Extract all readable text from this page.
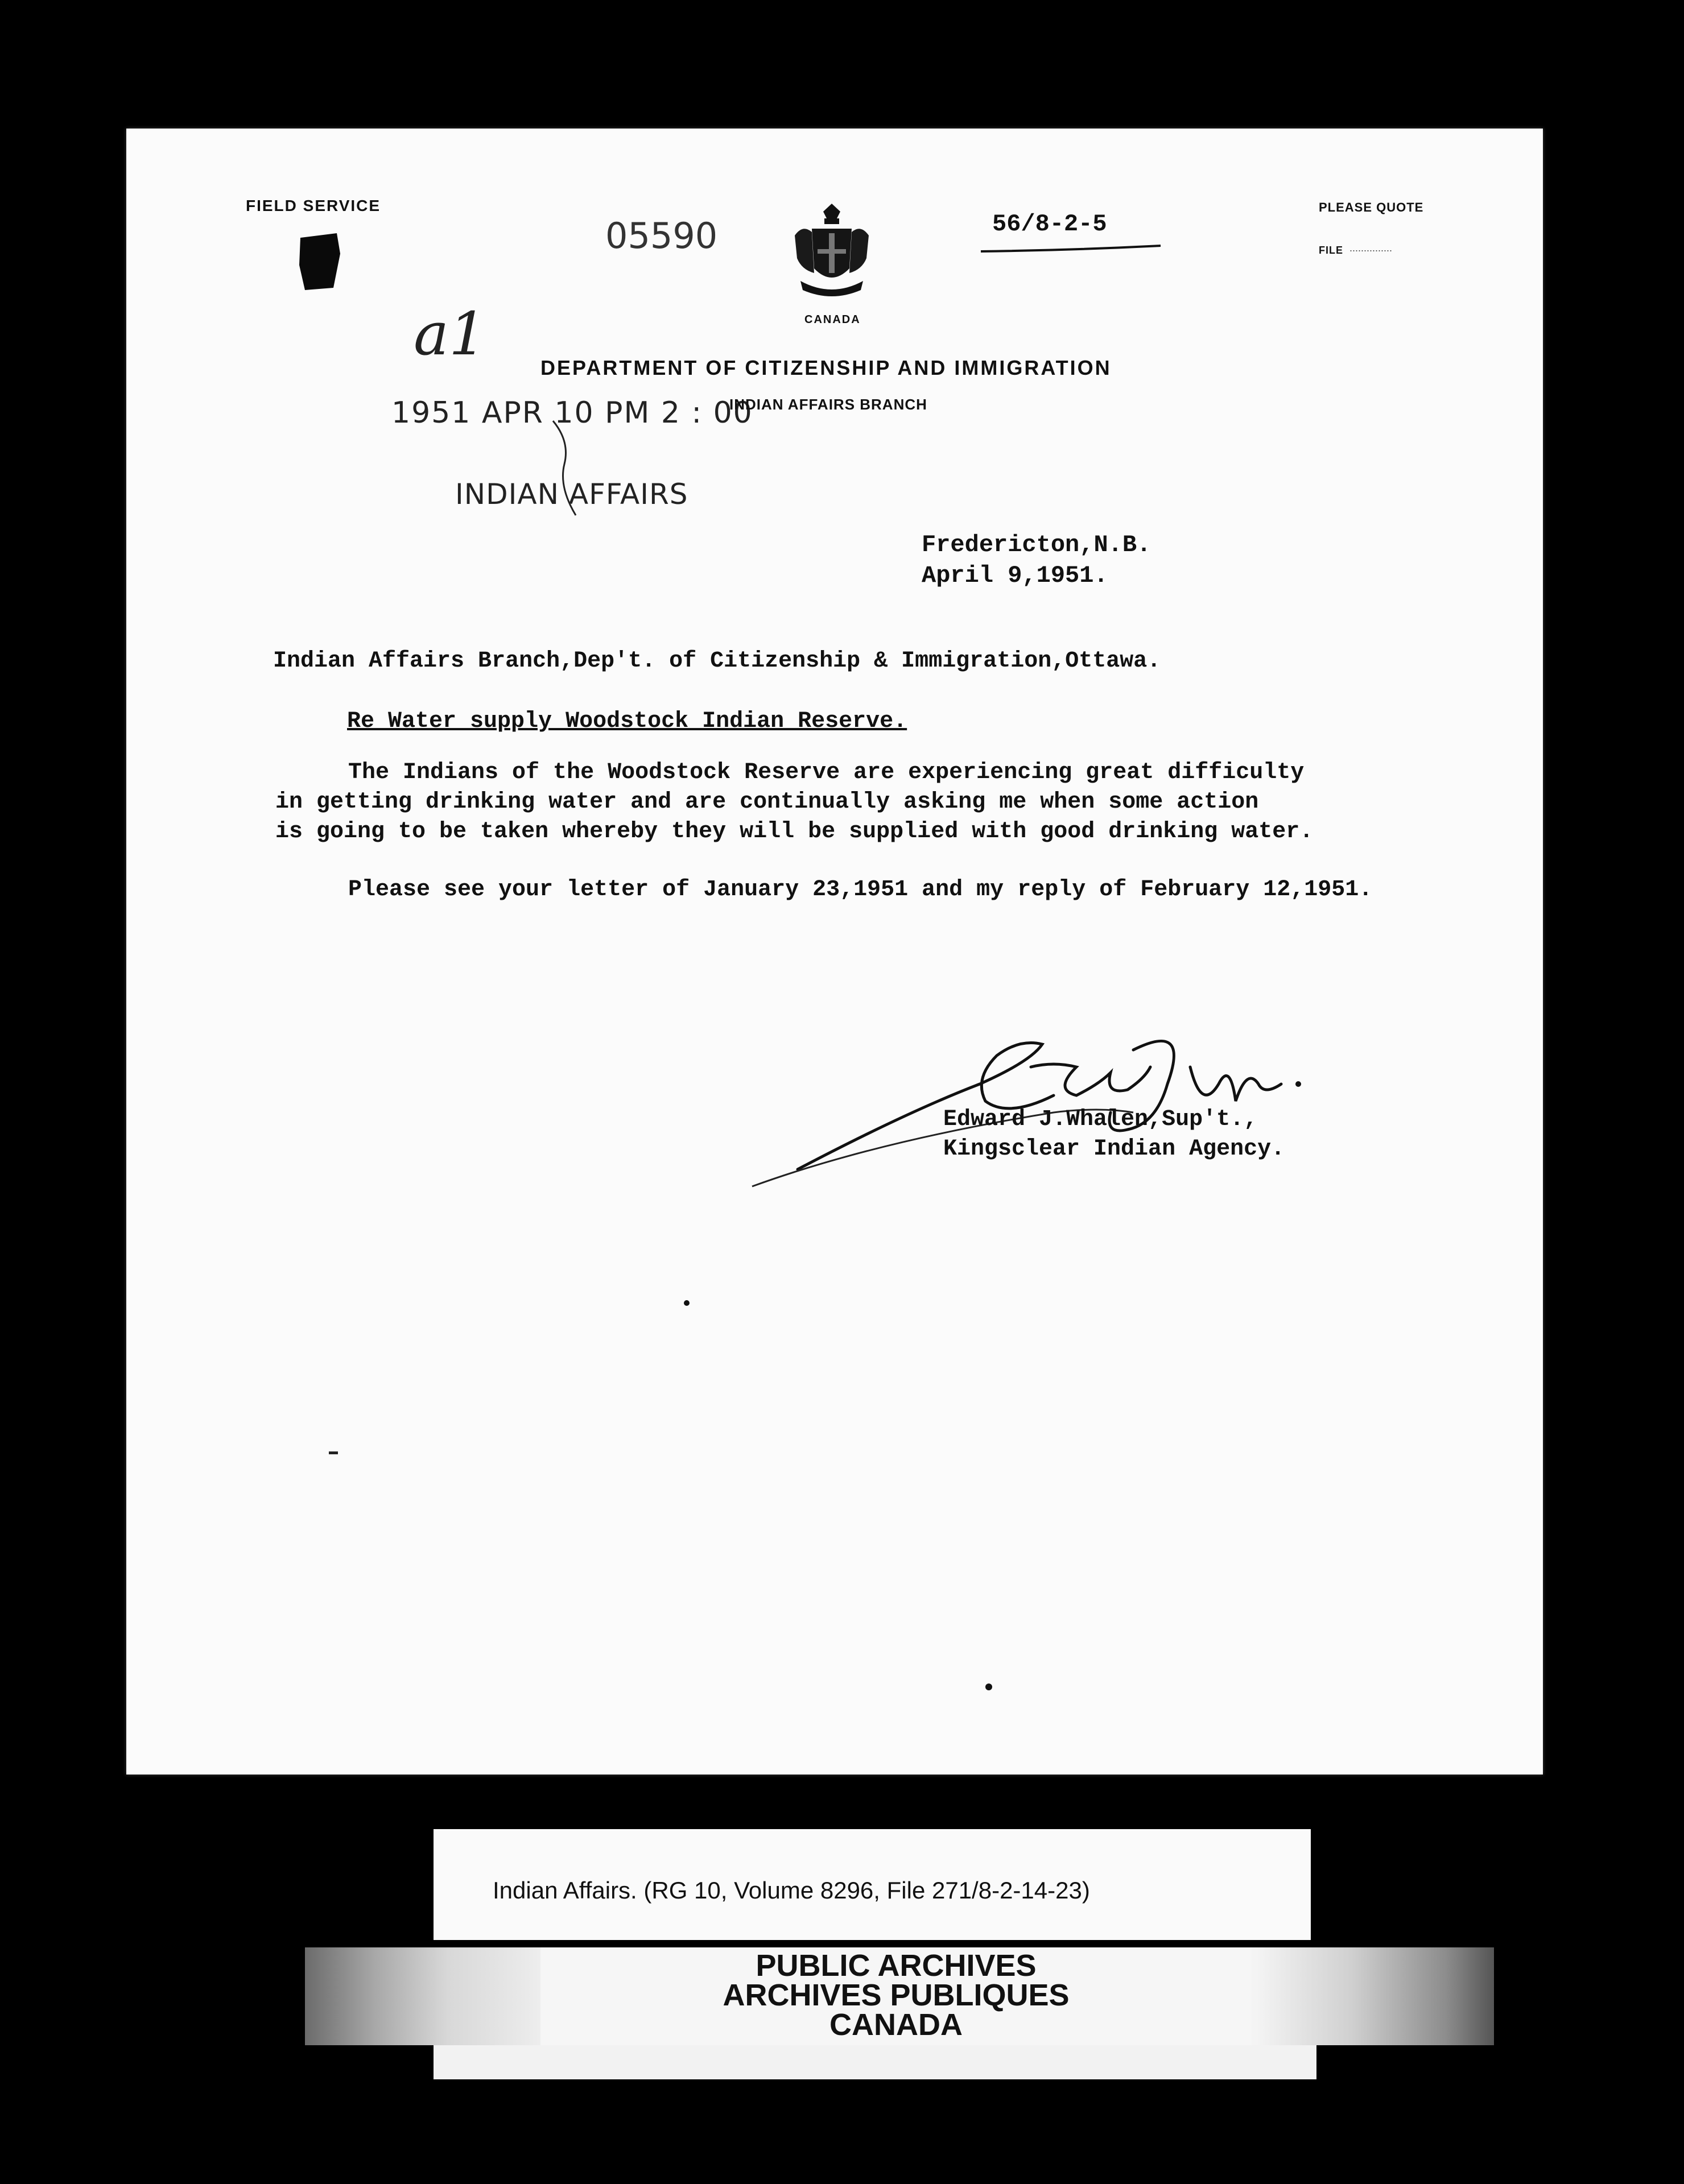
FIELD SERVICE
05590
CANADA
56/8-2-5
PLEASE QUOTE
FILE ...............
a1	DEPARTMENT OF CITIZENSHIP AND IMMIGRATION
1951 APR 10 PM 2 : 00
INDIAN AFFAIRS BRANCH
INDIAN AFFAIRS
Fredericton,N.B.
April 9,1951.
Indian Affairs Branch,Dep't. of Citizenship & Immigration,Ottawa.
Re Water supply Woodstock Indian Reserve.
The Indians of the Woodstock Reserve are experiencing great difficulty
in getting drinking water and are continually asking me when some action
is going to be taken whereby they will be supplied with good drinking water.
Please see your letter of January 23,1951 and my reply of February 12,1951.
Edward J.Whalen,Sup't.,
Kingsclear Indian Agency.
Indian Affairs. (RG 10, Volume 8296, File 271/8-2-14-23)
PUBLIC ARCHIVES
ARCHIVES PUBLIQUES
CANADA
